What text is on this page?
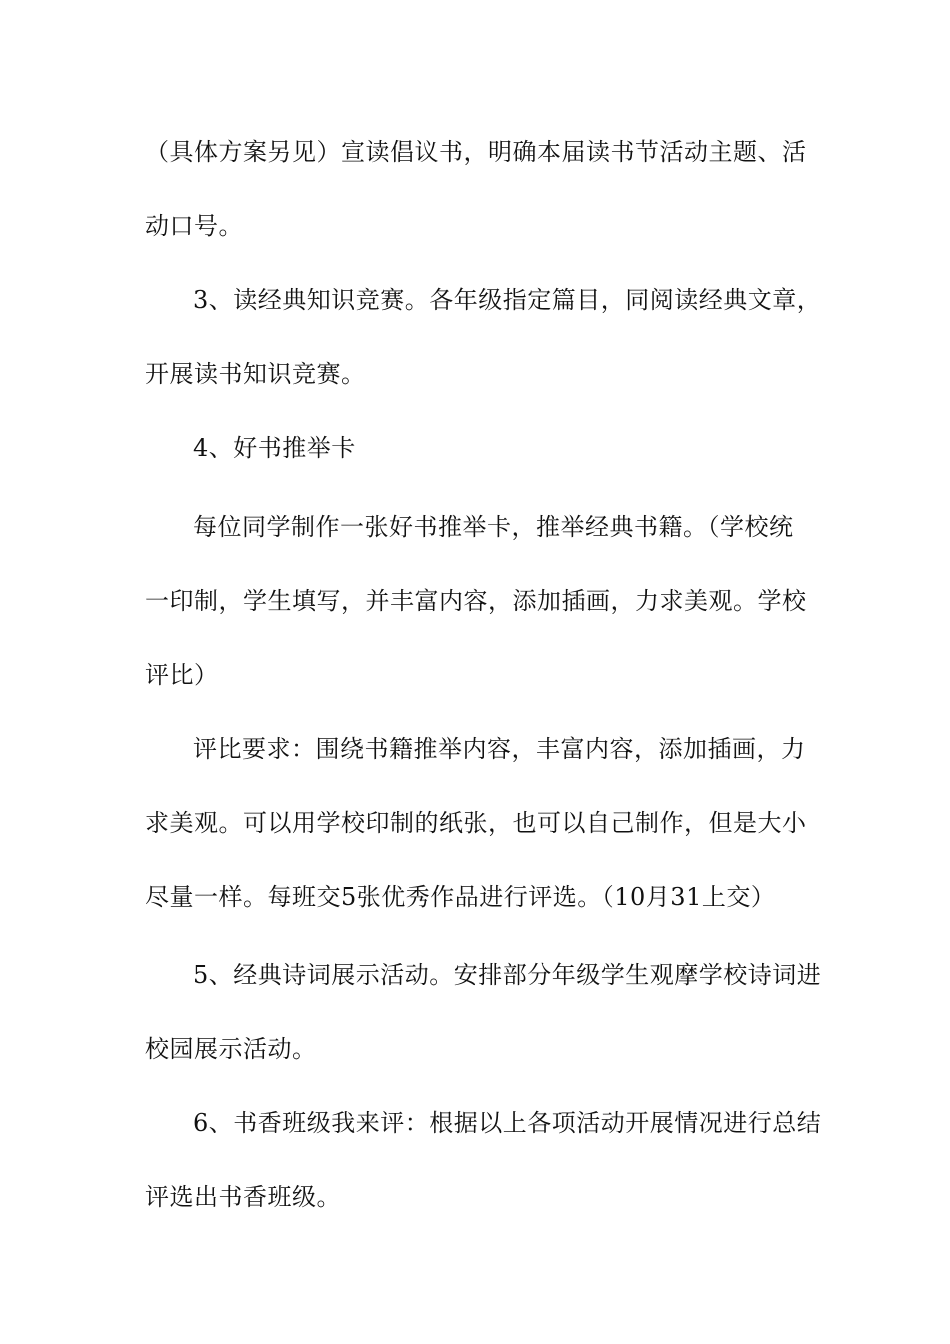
（具体方案另见）宣读倡议书，明确本届读书节活动主题、活
动口号。
3、读经典知识竞赛。各年级指定篇目，同阅读经典文章，
开展读书知识竞赛。
4、好书推举卡
每位同学制作一张好书推举卡，推举经典书籍。（学校统
一印制，学生填写，并丰富内容，添加插画，力求美观。学校
评比）
评比要求：围绕书籍推举内容，丰富内容，添加插画，力
求美观。可以用学校印制的纸张，也可以自己制作，但是大小
尽量一样。每班交5张优秀作品进行评选。（10月31上交）
5、经典诗词展示活动。安排部分年级学生观摩学校诗词进
校园展示活动。
6、书香班级我来评：根据以上各项活动开展情况进行总结
评选出书香班级。
